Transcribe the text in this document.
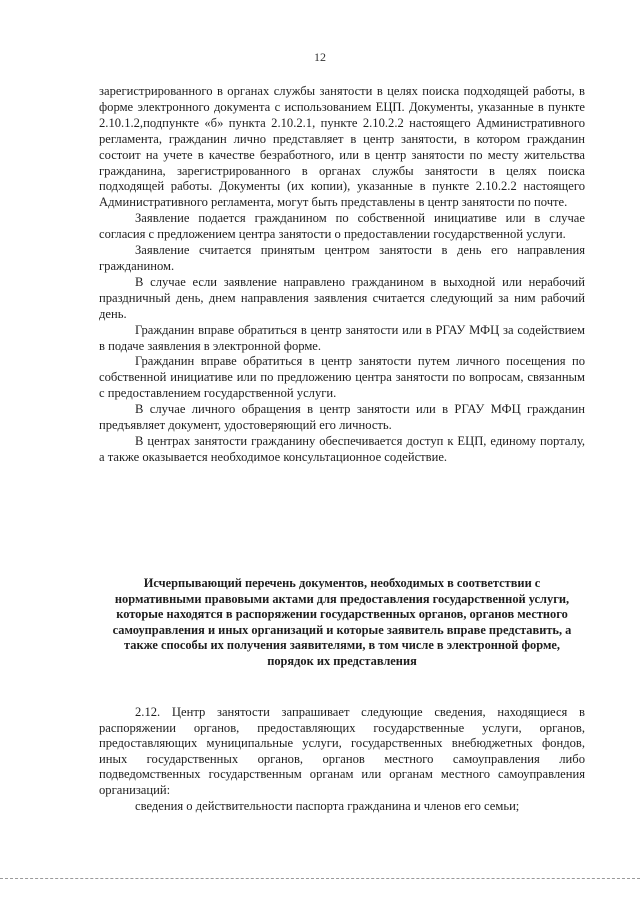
12

зарегистрированного в органах службы занятости в целях поиска подходящей работы, в форме электронного документа с использованием ЕЦП. Документы, указанные в пункте 2.10.1.2,подпункте «б» пункта 2.10.2.1, пункте 2.10.2.2 настоящего Административного регламента, гражданин лично представляет в центр занятости, в котором гражданин состоит на учете в качестве безработного, или в центр занятости по месту жительства гражданина, зарегистрированного в органах службы занятости в целях поиска подходящей работы. Документы (их копии), указанные в пункте 2.10.2.2 настоящего Административного регламента, могут быть представлены в центр занятости по почте.

Заявление подается гражданином по собственной инициативе или в случае согласия с предложением центра занятости о предоставлении государственной услуги.

Заявление считается принятым центром занятости в день его направления гражданином.

В случае если заявление направлено гражданином в выходной или нерабочий праздничный день, днем направления заявления считается следующий за ним рабочий день.

Гражданин вправе обратиться в центр занятости или в РГАУ МФЦ за содействием в подаче заявления в электронной форме.

Гражданин вправе обратиться в центр занятости путем личного посещения по собственной инициативе или по предложению центра занятости по вопросам, связанным с предоставлением государственной услуги.

В случае личного обращения в центр занятости или в РГАУ МФЦ гражданин предъявляет документ, удостоверяющий его личность.

В центрах занятости гражданину обеспечивается доступ к ЕЦП, единому порталу, а также оказывается необходимое консультационное содействие.

Исчерпывающий перечень документов, необходимых в соответствии с нормативными правовыми актами для предоставления государственной услуги, которые находятся в распоряжении государственных органов, органов местного самоуправления и иных организаций и которые заявитель вправе представить, а также способы их получения заявителями, в том числе в электронной форме, порядок их представления

2.12. Центр занятости запрашивает следующие сведения, находящиеся в распоряжении органов, предоставляющих государственные услуги, органов, предоставляющих муниципальные услуги, государственных внебюджетных фондов, иных государственных органов, органов местного самоуправления либо подведомственных государственным органам или органам местного самоуправления организаций:

сведения о действительности паспорта гражданина и членов его семьи;
